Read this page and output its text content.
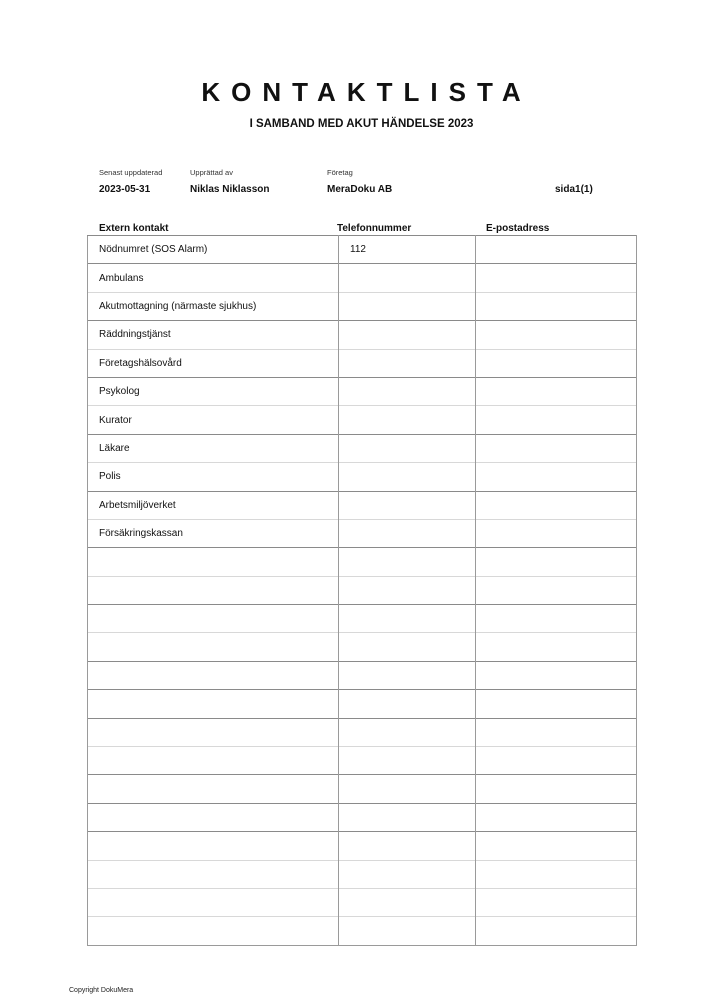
KONTAKTLISTA
I SAMBAND MED AKUT HÄNDELSE 2023
Senast uppdaterad	Upprättad av	Företag
2023-05-31	Niklas Niklasson	MeraDoku AB	sida1(1)
Extern kontakt	Telefonnummer	E-postadress
Nödnumret (SOS Alarm)	112	

Ambulans		

Akutmottagning (närmaste sjukhus)		

Räddningstjänst		

Företagshälsovård		

Psykolog		

Kurator		

Läkare		

Polis		

Arbetsmiljöverket		

Försäkringskassan		

Copyright DokuMera
